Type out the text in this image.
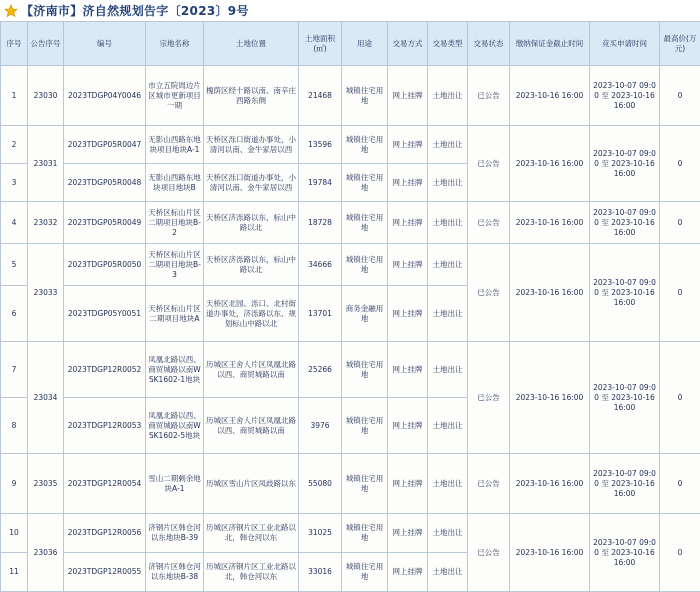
【济南市】济自然规划告字〔2023〕9号
序号	公告序号	编号	宗地名称	土地位置	土地面积(㎡)	用途	交易方式	交易类型	交易状态	缴纳保证金截止时间	竞买申请时间	最高价(万元)
1	23030	2023TDGP04Y0046	市立五院周边片区城市更新项目一期	槐荫区经十路以南、南辛庄西路东侧	21468	城镇住宅用地	网上挂牌	土地出让	已公告	2023-10-16 16:00	2023-10-07 09:00 至 2023-10-16 16:00	0
2	23031	2023TDGP05R0047	无影山西路东地块项目地块A-1	天桥区泺口街道办事处，小清河以南、金牛家居以西	13596	城镇住宅用地	网上挂牌	土地出让	已公告	2023-10-16 16:00	2023-10-07 09:00 至 2023-10-16 16:00	0
3		2023TDGP05R0048	无影山西路东地块项目地块B	天桥区泺口街道办事处，小清河以南、金牛家居以西	19784	城镇住宅用地	网上挂牌	土地出让				
4	23032	2023TDGP05R0049	天桥区标山片区二期项目地块B-2	天桥区济泺路以东，标山中路以北	18728	城镇住宅用地	网上挂牌	土地出让	已公告	2023-10-16 16:00	2023-10-07 09:00 至 2023-10-16 16:00	0
5	23033	2023TDGP05R0050	天桥区标山片区二期项目地块B-3	天桥区济泺路以东，标山中路以北	34666	城镇住宅用地	网上挂牌	土地出让	已公告	2023-10-16 16:00	2023-10-07 09:00 至 2023-10-16 16:00	0
6		2023TDGP05Y0051	天桥区标山片区二期项目地块A	天桥区北园、泺口、北村街道办事处，济泺路以东、规划标山中路以北	13701	商务金融用地	网上挂牌	土地出让				
7	23034	2023TDGP12R0052	凤凰北路以西、商贸城路以南WSK1602-1地块	历城区王舍人片区凤凰北路以西、商贸城路以南	25266	城镇住宅用地	网上挂牌	土地出让	已公告	2023-10-16 16:00	2023-10-07 09:00 至 2023-10-16 16:00	0
8		2023TDGP12R0053	凤凰北路以西、商贸城路以南WSK1602-5地块	历城区王舍人片区凤凰北路以西、商贸城路以南	3976	城镇住宅用地	网上挂牌	土地出让				
9	23035	2023TDGP12R0054	雪山二期剩余地块A-1	历城区雪山片区凤歧路以东	55080	城镇住宅用地	网上挂牌	土地出让	已公告	2023-10-16 16:00	2023-10-07 09:00 至 2023-10-16 16:00	0
10	23036	2023TDGP12R0056	济钢片区韩仓河以东地块B-39	历城区济钢片区工业北路以北，韩仓河以东	31025	城镇住宅用地	网上挂牌	土地出让	已公告	2023-10-16 16:00	2023-10-07 09:00 至 2023-10-16 16:00	0
11		2023TDGP12R0055	济钢片区韩仓河以东地块B-38	历城区济钢片区工业北路以北，韩仓河以东	33016	城镇住宅用地	网上挂牌	土地出让				
